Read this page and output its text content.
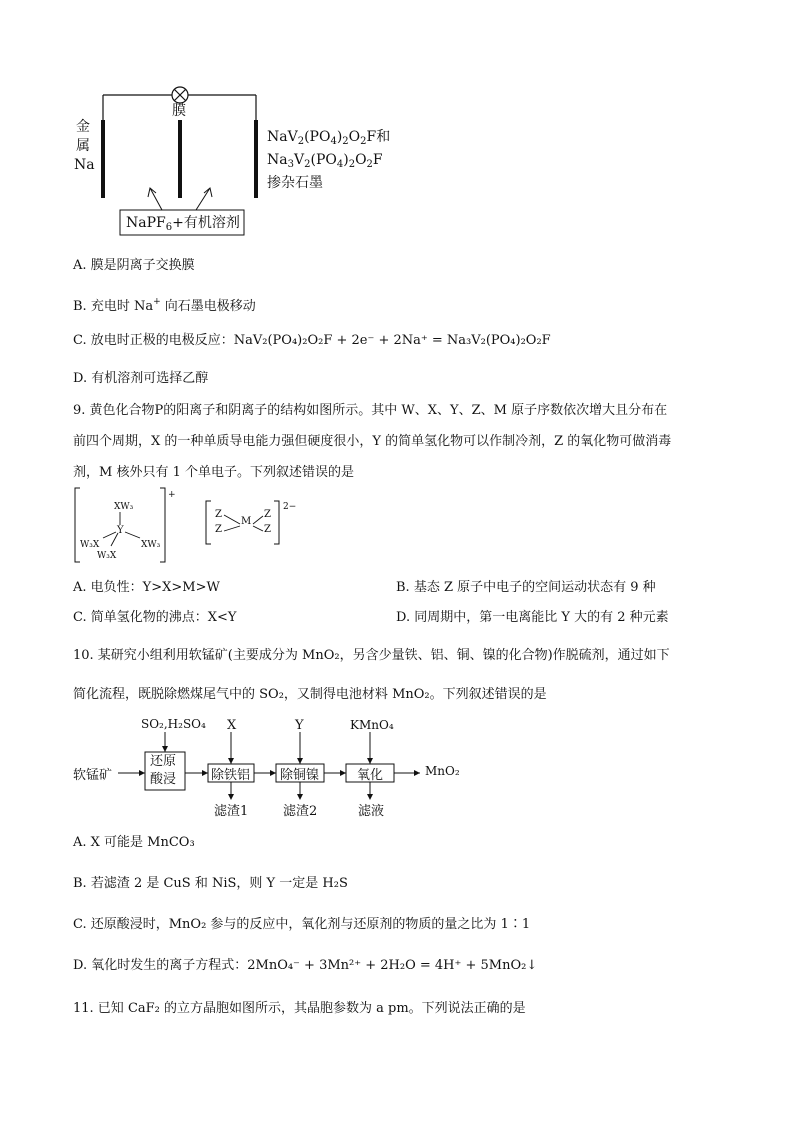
膜
金
属
Na
$NaV_2(PO_4)_2O_2F$和
$Na_3V_2(PO_4)_2O_2F$
掺杂石墨
NaPF$_6$+有机溶剂
A. 膜是阴离子交换膜
B. 充电时 Na+ 向石墨电极移动
C. 放电时正极的电极反应：NaV₂(PO₄)₂O₂F + 2e⁻ + 2Na⁺ = Na₃V₂(PO₄)₂O₂F
D. 有机溶剂可选择乙醇
9. 黄色化合物P的阳离子和阴离子的结构如图所示。其中 W、X、Y、Z、M 原子序数依次增大且分布在
前四个周期，X 的一种单质导电能力强但硬度很小，Y 的简单氢化物可以作制冷剂，Z 的氧化物可做消毒
剂，M 核外只有 1 个单电子。下列叙述错误的是
XW₃
Y
W₃X	XW₃
W₃X
+
Z
Z
M
Z
Z
2−
A. 电负性：Y>X>M>W	B. 基态 Z 原子中电子的空间运动状态有 9 种
C. 简单氢化物的沸点：X<Y	D. 同周期中，第一电离能比 Y 大的有 2 种元素
10. 某研究小组利用软锰矿(主要成分为 MnO₂，另含少量铁、铝、铜、镍的化合物)作脱硫剂，通过如下
简化流程，既脱除燃煤尾气中的 SO₂，又制得电池材料 MnO₂。下列叙述错误的是
软锰矿
SO₂,H₂SO₄
还原
酸浸
X
除铁铝
滤渣1
Y
除铜镍
滤渣2
KMnO₄
氧化
滤液
MnO₂
A. X 可能是 MnCO₃
B. 若滤渣 2 是 CuS 和 NiS，则 Y 一定是 H₂S
C. 还原酸浸时，MnO₂ 参与的反应中，氧化剂与还原剂的物质的量之比为 1∶1
D. 氧化时发生的离子方程式：2MnO₄⁻ + 3Mn²⁺ + 2H₂O = 4H⁺ + 5MnO₂↓
11. 已知 CaF₂ 的立方晶胞如图所示，其晶胞参数为 a pm。下列说法正确的是
